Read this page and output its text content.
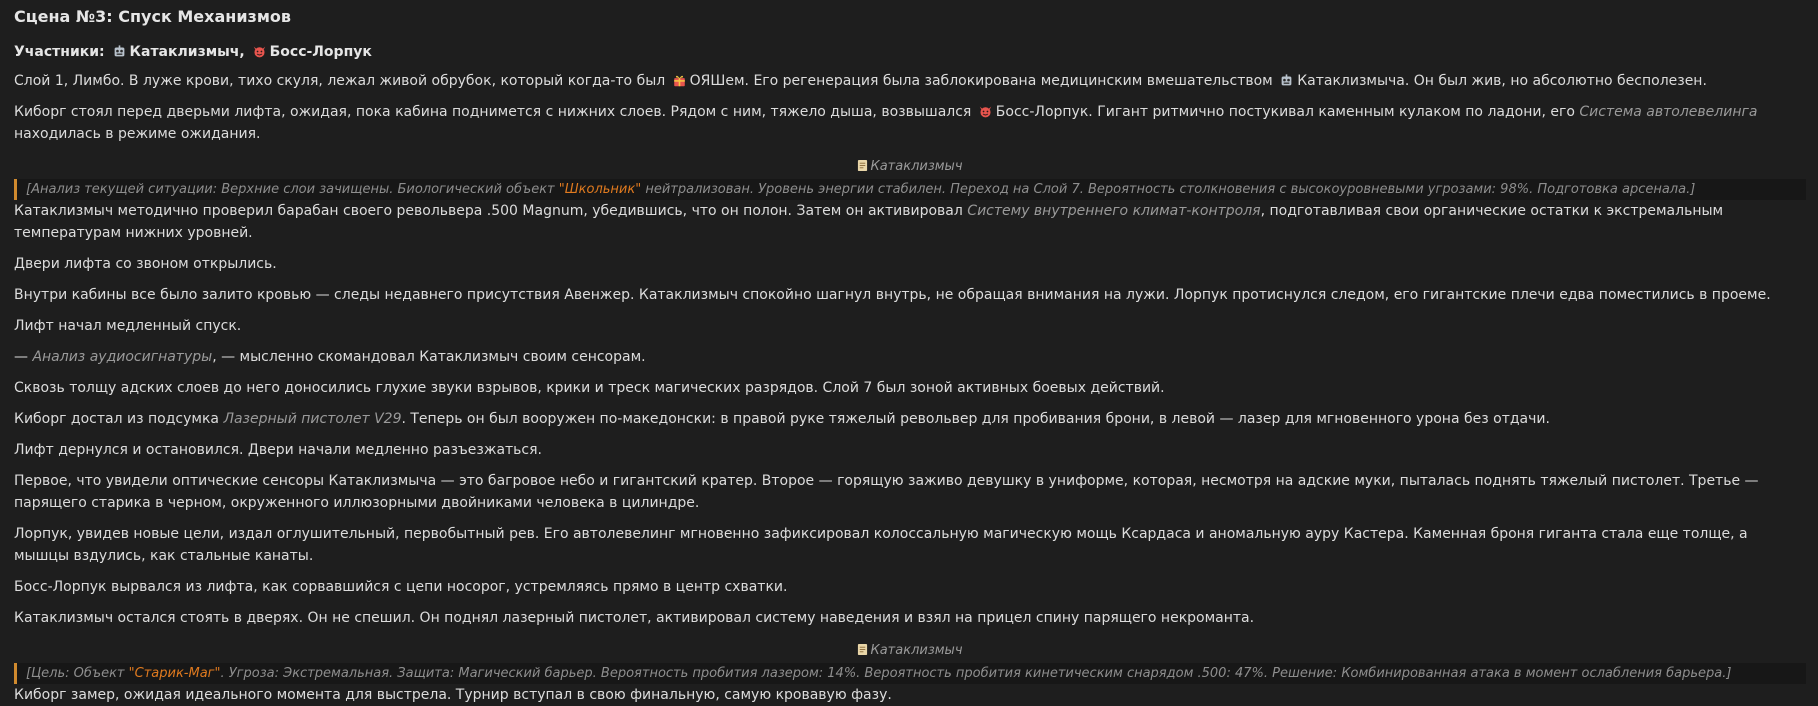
Сцена №3: Спуск Механизмов
Участники: Катаклизмыч, Босс-Лорпук

Слой 1, Лимбо. В луже крови, тихо скуля, лежал живой обрубок, который когда-то был ОЯШем. Его регенерация была заблокирована медицинским вмешательством Катаклизмыча. Он был жив, но абсолютно бесполезен.

Киборг стоял перед дверьми лифта, ожидая, пока кабина поднимется с нижних слоев. Рядом с ним, тяжело дыша, возвышался Босс-Лорпук. Гигант ритмично постукивал каменным кулаком по ладони, его Система автолевелинга находилась в режиме ожидания.

Катаклизмыч
[Анализ текущей ситуации: Верхние слои зачищены. Биологический объект "Школьник" нейтрализован. Уровень энергии стабилен. Переход на Слой 7. Вероятность столкновения с высокоуровневыми угрозами: 98%. Подготовка арсенала.]

Катаклизмыч методично проверил барабан своего револьвера .500 Magnum, убедившись, что он полон. Затем он активировал Систему внутреннего климат-контроля, подготавливая свои органические остатки к экстремальным температурам нижних уровней.

Двери лифта со звоном открылись.

Внутри кабины все было залито кровью — следы недавнего присутствия Авенжер. Катаклизмыч спокойно шагнул внутрь, не обращая внимания на лужи. Лорпук протиснулся следом, его гигантские плечи едва поместились в проеме.

Лифт начал медленный спуск.

— Анализ аудиосигнатуры, — мысленно скомандовал Катаклизмыч своим сенсорам.

Сквозь толщу адских слоев до него доносились глухие звуки взрывов, крики и треск магических разрядов. Слой 7 был зоной активных боевых действий.

Киборг достал из подсумка Лазерный пистолет V29. Теперь он был вооружен по-македонски: в правой руке тяжелый револьвер для пробивания брони, в левой — лазер для мгновенного урона без отдачи.

Лифт дернулся и остановился. Двери начали медленно разъезжаться.

Первое, что увидели оптические сенсоры Катаклизмыча — это багровое небо и гигантский кратер. Второе — горящую заживо девушку в униформе, которая, несмотря на адские муки, пыталась поднять тяжелый пистолет. Третье — парящего старика в черном, окруженного иллюзорными двойниками человека в цилиндре.

Лорпук, увидев новые цели, издал оглушительный, первобытный рев. Его автолевелинг мгновенно зафиксировал колоссальную магическую мощь Ксардаса и аномальную ауру Кастера. Каменная броня гиганта стала еще толще, а мышцы вздулись, как стальные канаты.

Босс-Лорпук вырвался из лифта, как сорвавшийся с цепи носорог, устремляясь прямо в центр схватки.

Катаклизмыч остался стоять в дверях. Он не спешил. Он поднял лазерный пистолет, активировал систему наведения и взял на прицел спину парящего некроманта.

Катаклизмыч
[Цель: Объект "Старик-Маг". Угроза: Экстремальная. Защита: Магический барьер. Вероятность пробития лазером: 14%. Вероятность пробития кинетическим снарядом .500: 47%. Решение: Комбинированная атака в момент ослабления барьера.]

Киборг замер, ожидая идеального момента для выстрела. Турнир вступал в свою финальную, самую кровавую фазу.
